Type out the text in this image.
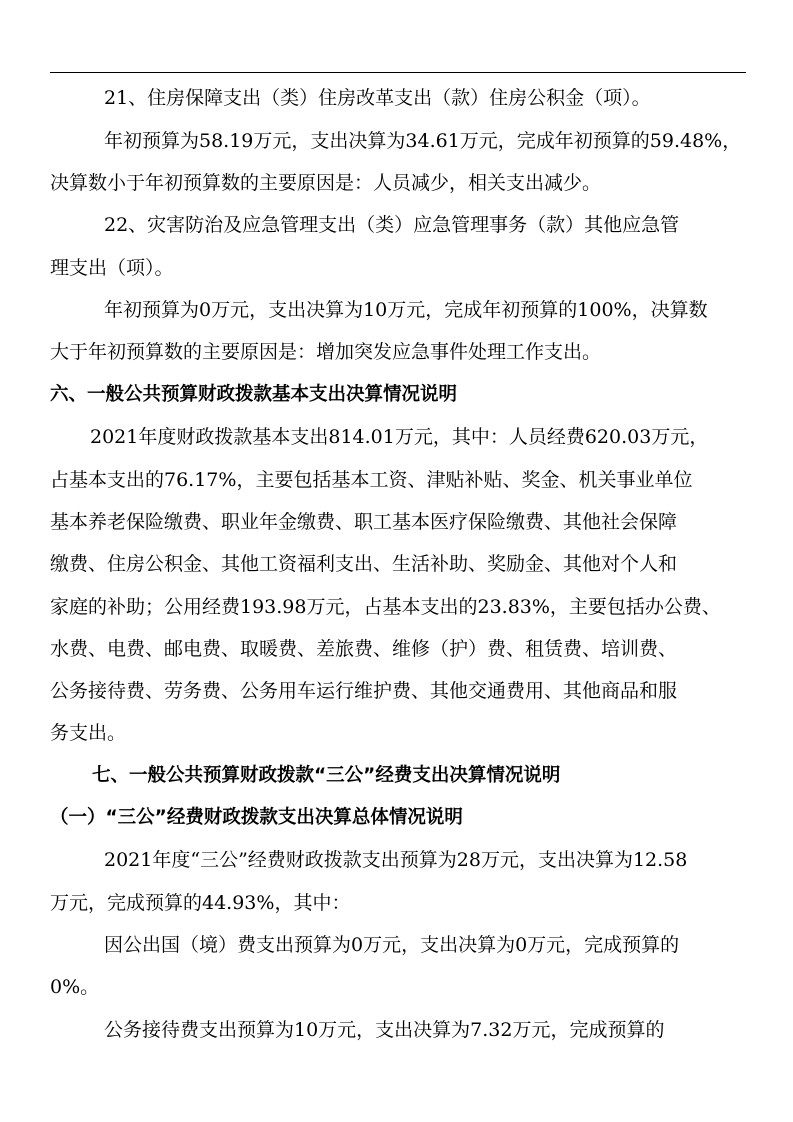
21、住房保障支出（类）住房改革支出（款）住房公积金（项）。
年初预算为58.19万元，支出决算为34.61万元，完成年初预算的59.48%，
决算数小于年初预算数的主要原因是：人员减少，相关支出减少。
22、灾害防治及应急管理支出（类）应急管理事务（款）其他应急管
理支出（项）。
年初预算为0万元，支出决算为10万元，完成年初预算的100%，决算数
大于年初预算数的主要原因是：增加突发应急事件处理工作支出。
六、一般公共预算财政拨款基本支出决算情况说明
2021年度财政拨款基本支出814.01万元，其中：人员经费620.03万元，
占基本支出的76.17%，主要包括基本工资、津贴补贴、奖金、机关事业单位
基本养老保险缴费、职业年金缴费、职工基本医疗保险缴费、其他社会保障
缴费、住房公积金、其他工资福利支出、生活补助、奖励金、其他对个人和
家庭的补助；公用经费193.98万元，占基本支出的23.83%，主要包括办公费、
水费、电费、邮电费、取暖费、差旅费、维修（护）费、租赁费、培训费、
公务接待费、劳务费、公务用车运行维护费、其他交通费用、其他商品和服
务支出。
七、一般公共预算财政拨款“三公”经费支出决算情况说明
（一）“三公”经费财政拨款支出决算总体情况说明
2021年度“三公”经费财政拨款支出预算为28万元，支出决算为12.58
万元，完成预算的44.93%，其中：
因公出国（境）费支出预算为0万元，支出决算为0万元，完成预算的
0%。
公务接待费支出预算为10万元，支出决算为7.32万元，完成预算的
